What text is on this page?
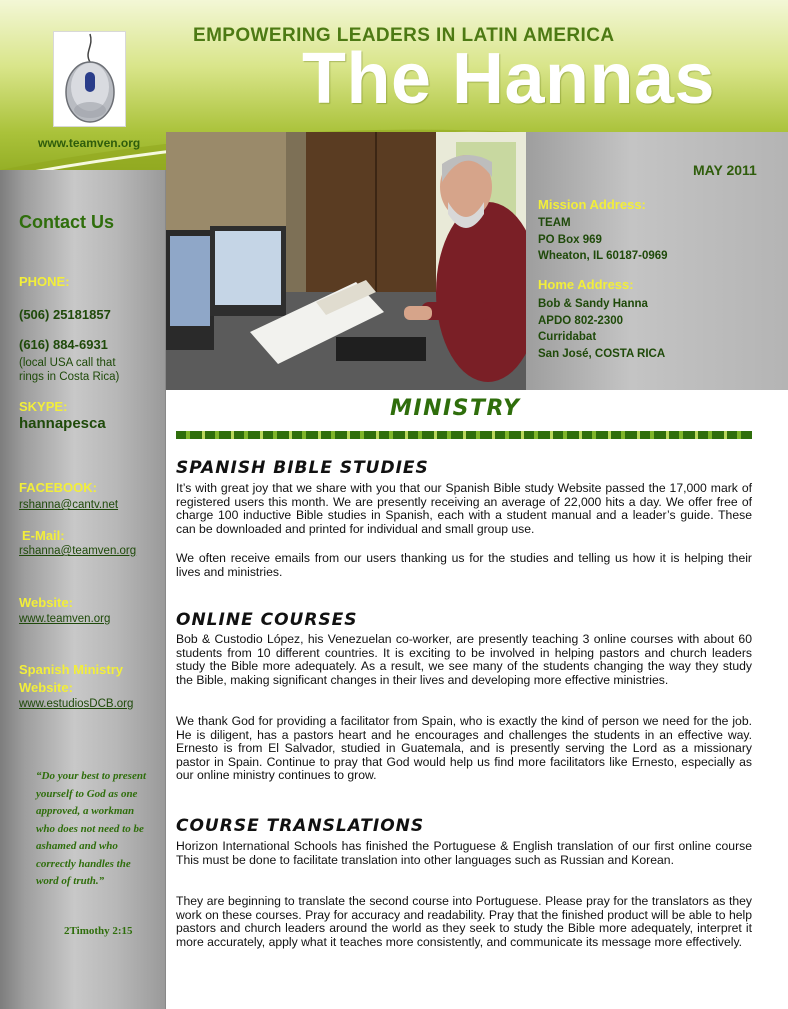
EMPOWERING LEADERS IN LATIN AMERICA
The Hannas
www.teamven.org
Contact Us
PHONE:
(506) 25181857
(616) 884-6931
(local USA call that rings in Costa Rica)
SKYPE:
hannapesca
FACEBOOK:
rshanna@cantv.net
E-Mail:
rshanna@teamven.org
Website:
www.teamven.org
Spanish Ministry
Website:
www.estudiosDCB.org
“Do your best to present yourself to God as one approved, a workman who does not need to be ashamed and who correctly handles the word of truth.”
2Timothy 2:15
MAY 2011
Mission Address:
TEAM
PO Box 969
Wheaton, IL 60187-0969
Home Address:
Bob & Sandy Hanna
APDO 802-2300
Curridabat
San José, COSTA RICA
MINISTRY
SPANISH BIBLE STUDIES
It’s with great joy that we share with you that our Spanish Bible study Website passed the 17,000 mark of registered users this month. We are presently receiving an average of 22,000 hits a day. We offer free of charge 100 inductive Bible studies in Spanish, each with a student manual and a leader’s guide. These can be downloaded and printed for individual and small group use.
We often receive emails from our users thanking us for the studies and telling us how it is helping their lives and ministries.
ONLINE COURSES
Bob & Custodio López, his Venezuelan co-worker, are presently teaching 3 online courses with about 60 students from 10 different countries. It is exciting to be involved in helping pastors and church leaders study the Bible more adequately. As a result, we see many of the students changing the way they study the Bible, making significant changes in their lives and developing more effective ministries.
We thank God for providing a facilitator from Spain, who is exactly the kind of person we need for the job. He is diligent, has a pastors heart and he encourages and challenges the students in an effective way. Ernesto is from El Salvador, studied in Guatemala, and is presently serving the Lord as a missionary pastor in Spain. Continue to pray that God would help us find more facilitators like Ernesto, especially as our online ministry continues to grow.
COURSE TRANSLATIONS
Horizon International Schools has finished the Portuguese & English translation of our first online course This must be done to facilitate translation into other languages such as Russian and Korean.
They are beginning to translate the second course into Portuguese. Please pray for the translators as they work on these courses. Pray for accuracy and readability. Pray that the finished product will be able to help pastors and church leaders around the world as they seek to study the Bible more adequately, interpret it more accurately, apply what it teaches more consistently, and communicate its message more effectively.
